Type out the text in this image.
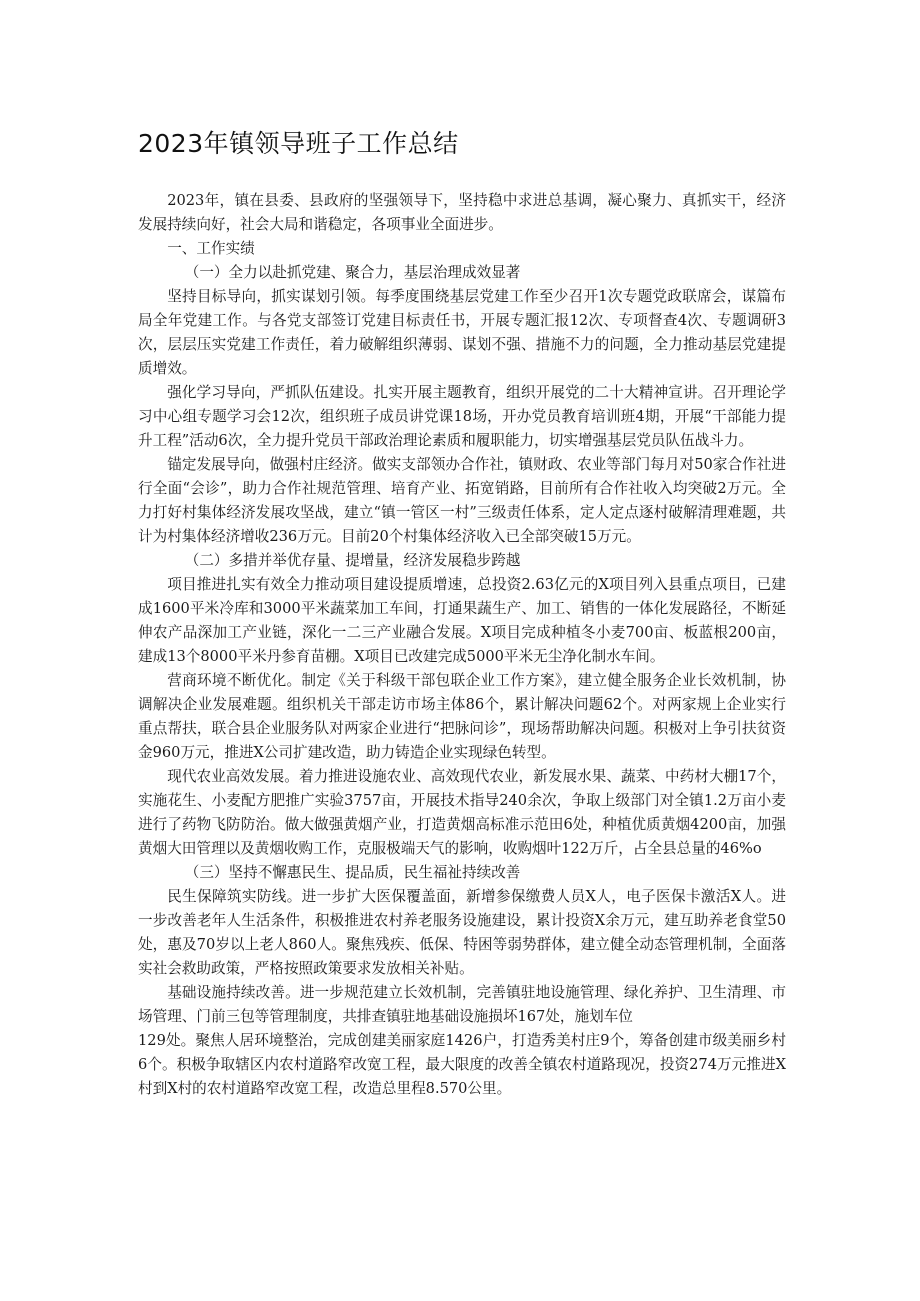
2023年镇领导班子工作总结

2023年，镇在县委、县政府的坚强领导下，坚持稳中求进总基调，凝心聚力、真抓实干，经济发展持续向好，社会大局和谐稳定，各项事业全面进步。

一、工作实绩

（一）全力以赴抓党建、聚合力，基层治理成效显著

坚持目标导向，抓实谋划引领。每季度围绕基层党建工作至少召开1次专题党政联席会，谋篇布局全年党建工作。与各党支部签订党建目标责任书，开展专题汇报12次、专项督查4次、专题调研3次，层层压实党建工作责任，着力破解组织薄弱、谋划不强、措施不力的问题，全力推动基层党建提质增效。

强化学习导向，严抓队伍建设。扎实开展主题教育，组织开展党的二十大精神宣讲。召开理论学习中心组专题学习会12次，组织班子成员讲党课18场，开办党员教育培训班4期，开展“干部能力提升工程”活动6次，全力提升党员干部政治理论素质和履职能力，切实增强基层党员队伍战斗力。

锚定发展导向，做强村庄经济。做实支部领办合作社，镇财政、农业等部门每月对50家合作社进行全面“会诊”，助力合作社规范管理、培育产业、拓宽销路，目前所有合作社收入均突破2万元。全力打好村集体经济发展攻坚战，建立“镇一管区一村”三级责任体系，定人定点逐村破解清理难题，共计为村集体经济增收236万元。目前20个村集体经济收入已全部突破15万元。

（二）多措并举优存量、提增量，经济发展稳步跨越

项目推进扎实有效全力推动项目建设提质增速，总投资2.63亿元的X项目列入县重点项目，已建成1600平米冷库和3000平米蔬菜加工车间，打通果蔬生产、加工、销售的一体化发展路径，不断延伸农产品深加工产业链，深化一二三产业融合发展。X项目完成种植冬小麦700亩、板蓝根200亩，建成13个8000平米丹参育苗棚。X项目已改建完成5000平米无尘净化制水车间。

营商环境不断优化。制定《关于科级干部包联企业工作方案》，建立健全服务企业长效机制，协调解决企业发展难题。组织机关干部走访市场主体86个，累计解决问题62个。对两家规上企业实行重点帮扶，联合县企业服务队对两家企业进行“把脉问诊”，现场帮助解决问题。积极对上争引扶贫资金960万元，推进X公司扩建改造，助力铸造企业实现绿色转型。

现代农业高效发展。着力推进设施农业、高效现代农业，新发展水果、蔬菜、中药材大棚17个，实施花生、小麦配方肥推广实验3757亩，开展技术指导240余次，争取上级部门对全镇1.2万亩小麦进行了药物飞防防治。做大做强黄烟产业，打造黄烟高标准示范田6处，种植优质黄烟4200亩，加强黄烟大田管理以及黄烟收购工作，克服极端天气的影响，收购烟叶122万斤，占全县总量的46%o

（三）坚持不懈惠民生、提品质，民生福祉持续改善

民生保障筑实防线。进一步扩大医保覆盖面，新增参保缴费人员X人，电子医保卡激活X人。进一步改善老年人生活条件，积极推进农村养老服务设施建设，累计投资X余万元，建互助养老食堂50处，惠及70岁以上老人860人。聚焦残疾、低保、特困等弱势群体，建立健全动态管理机制，全面落实社会救助政策，严格按照政策要求发放相关补贴。

基础设施持续改善。进一步规范建立长效机制，完善镇驻地设施管理、绿化养护、卫生清理、市场管理、门前三包等管理制度，共排查镇驻地基础设施损坏167处，施划车位

129处。聚焦人居环境整治，完成创建美丽家庭1426户，打造秀美村庄9个，筹备创建市级美丽乡村6个。积极争取辖区内农村道路窄改宽工程，最大限度的改善全镇农村道路现况，投资274万元推进X村到X村的农村道路窄改宽工程，改造总里程8.570公里。
